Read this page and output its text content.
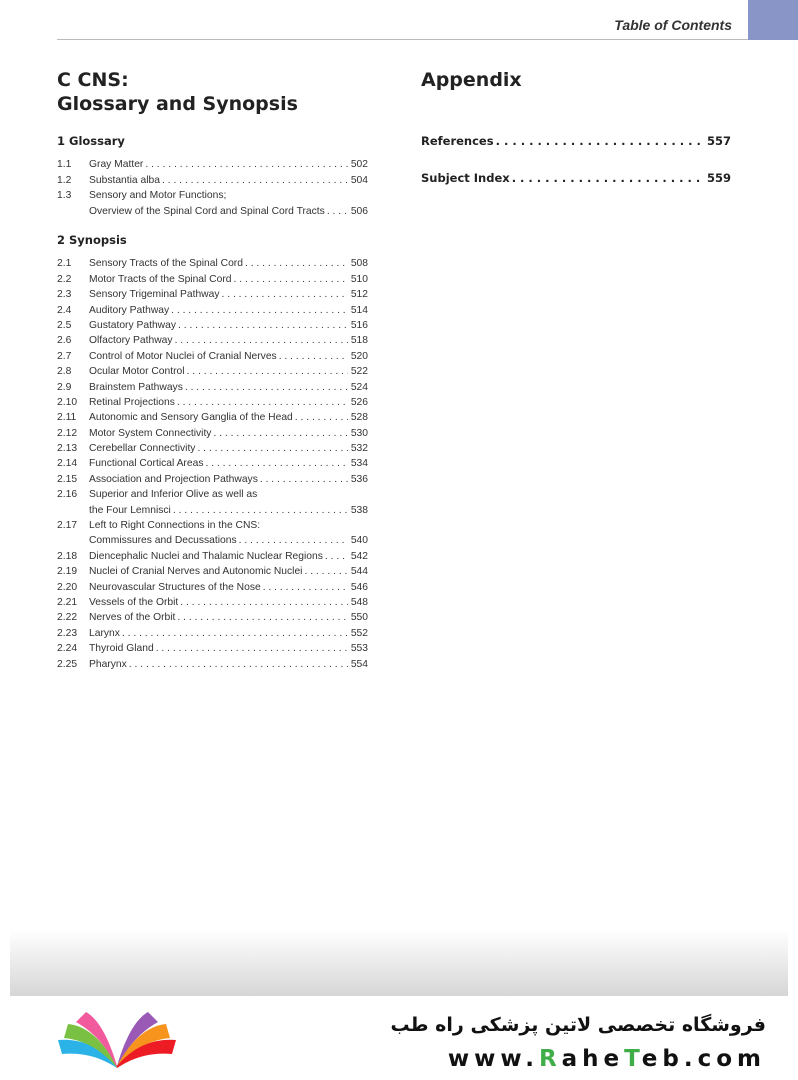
Table of Contents
C CNS:
Glossary and Synopsis
1 Glossary
1.1	Gray Matter . . .	502
1.2	Substantia alba . . .	504
1.3	Sensory and Motor Functions;
Overview of the Spinal Cord and Spinal Cord Tracts . . .	506
2 Synopsis
2.1	Sensory Tracts of the Spinal Cord . . .	508
2.2	Motor Tracts of the Spinal Cord . . .	510
2.3	Sensory Trigeminal Pathway . . .	512
2.4	Auditory Pathway . . .	514
2.5	Gustatory Pathway . . .	516
2.6	Olfactory Pathway . . .	518
2.7	Control of Motor Nuclei of Cranial Nerves . . .	520
2.8	Ocular Motor Control . . .	522
2.9	Brainstem Pathways . . .	524
2.10	Retinal Projections . . .	526
2.11	Autonomic and Sensory Ganglia of the Head . . .	528
2.12	Motor System Connectivity . . .	530
2.13	Cerebellar Connectivity . . .	532
2.14	Functional Cortical Areas . . .	534
2.15	Association and Projection Pathways . . .	536
2.16	Superior and Inferior Olive as well as
the Four Lemnisci . . .	538
2.17	Left to Right Connections in the CNS:
Commissures and Decussations . . .	540
2.18	Diencephalic Nuclei and Thalamic Nuclear Regions . . .	542
2.19	Nuclei of Cranial Nerves and Autonomic Nuclei . . .	544
2.20	Neurovascular Structures of the Nose . . .	546
2.21	Vessels of the Orbit . . .	548
2.22	Nerves of the Orbit . . .	550
2.23	Larynx . . .	552
2.24	Thyroid Gland . . .	553
2.25	Pharynx . . .	554
Appendix
References . . .	557
Subject Index . . .	559
فروشگاه تخصصی لاتین پزشکی راه طب
www.RaheTeb.com
